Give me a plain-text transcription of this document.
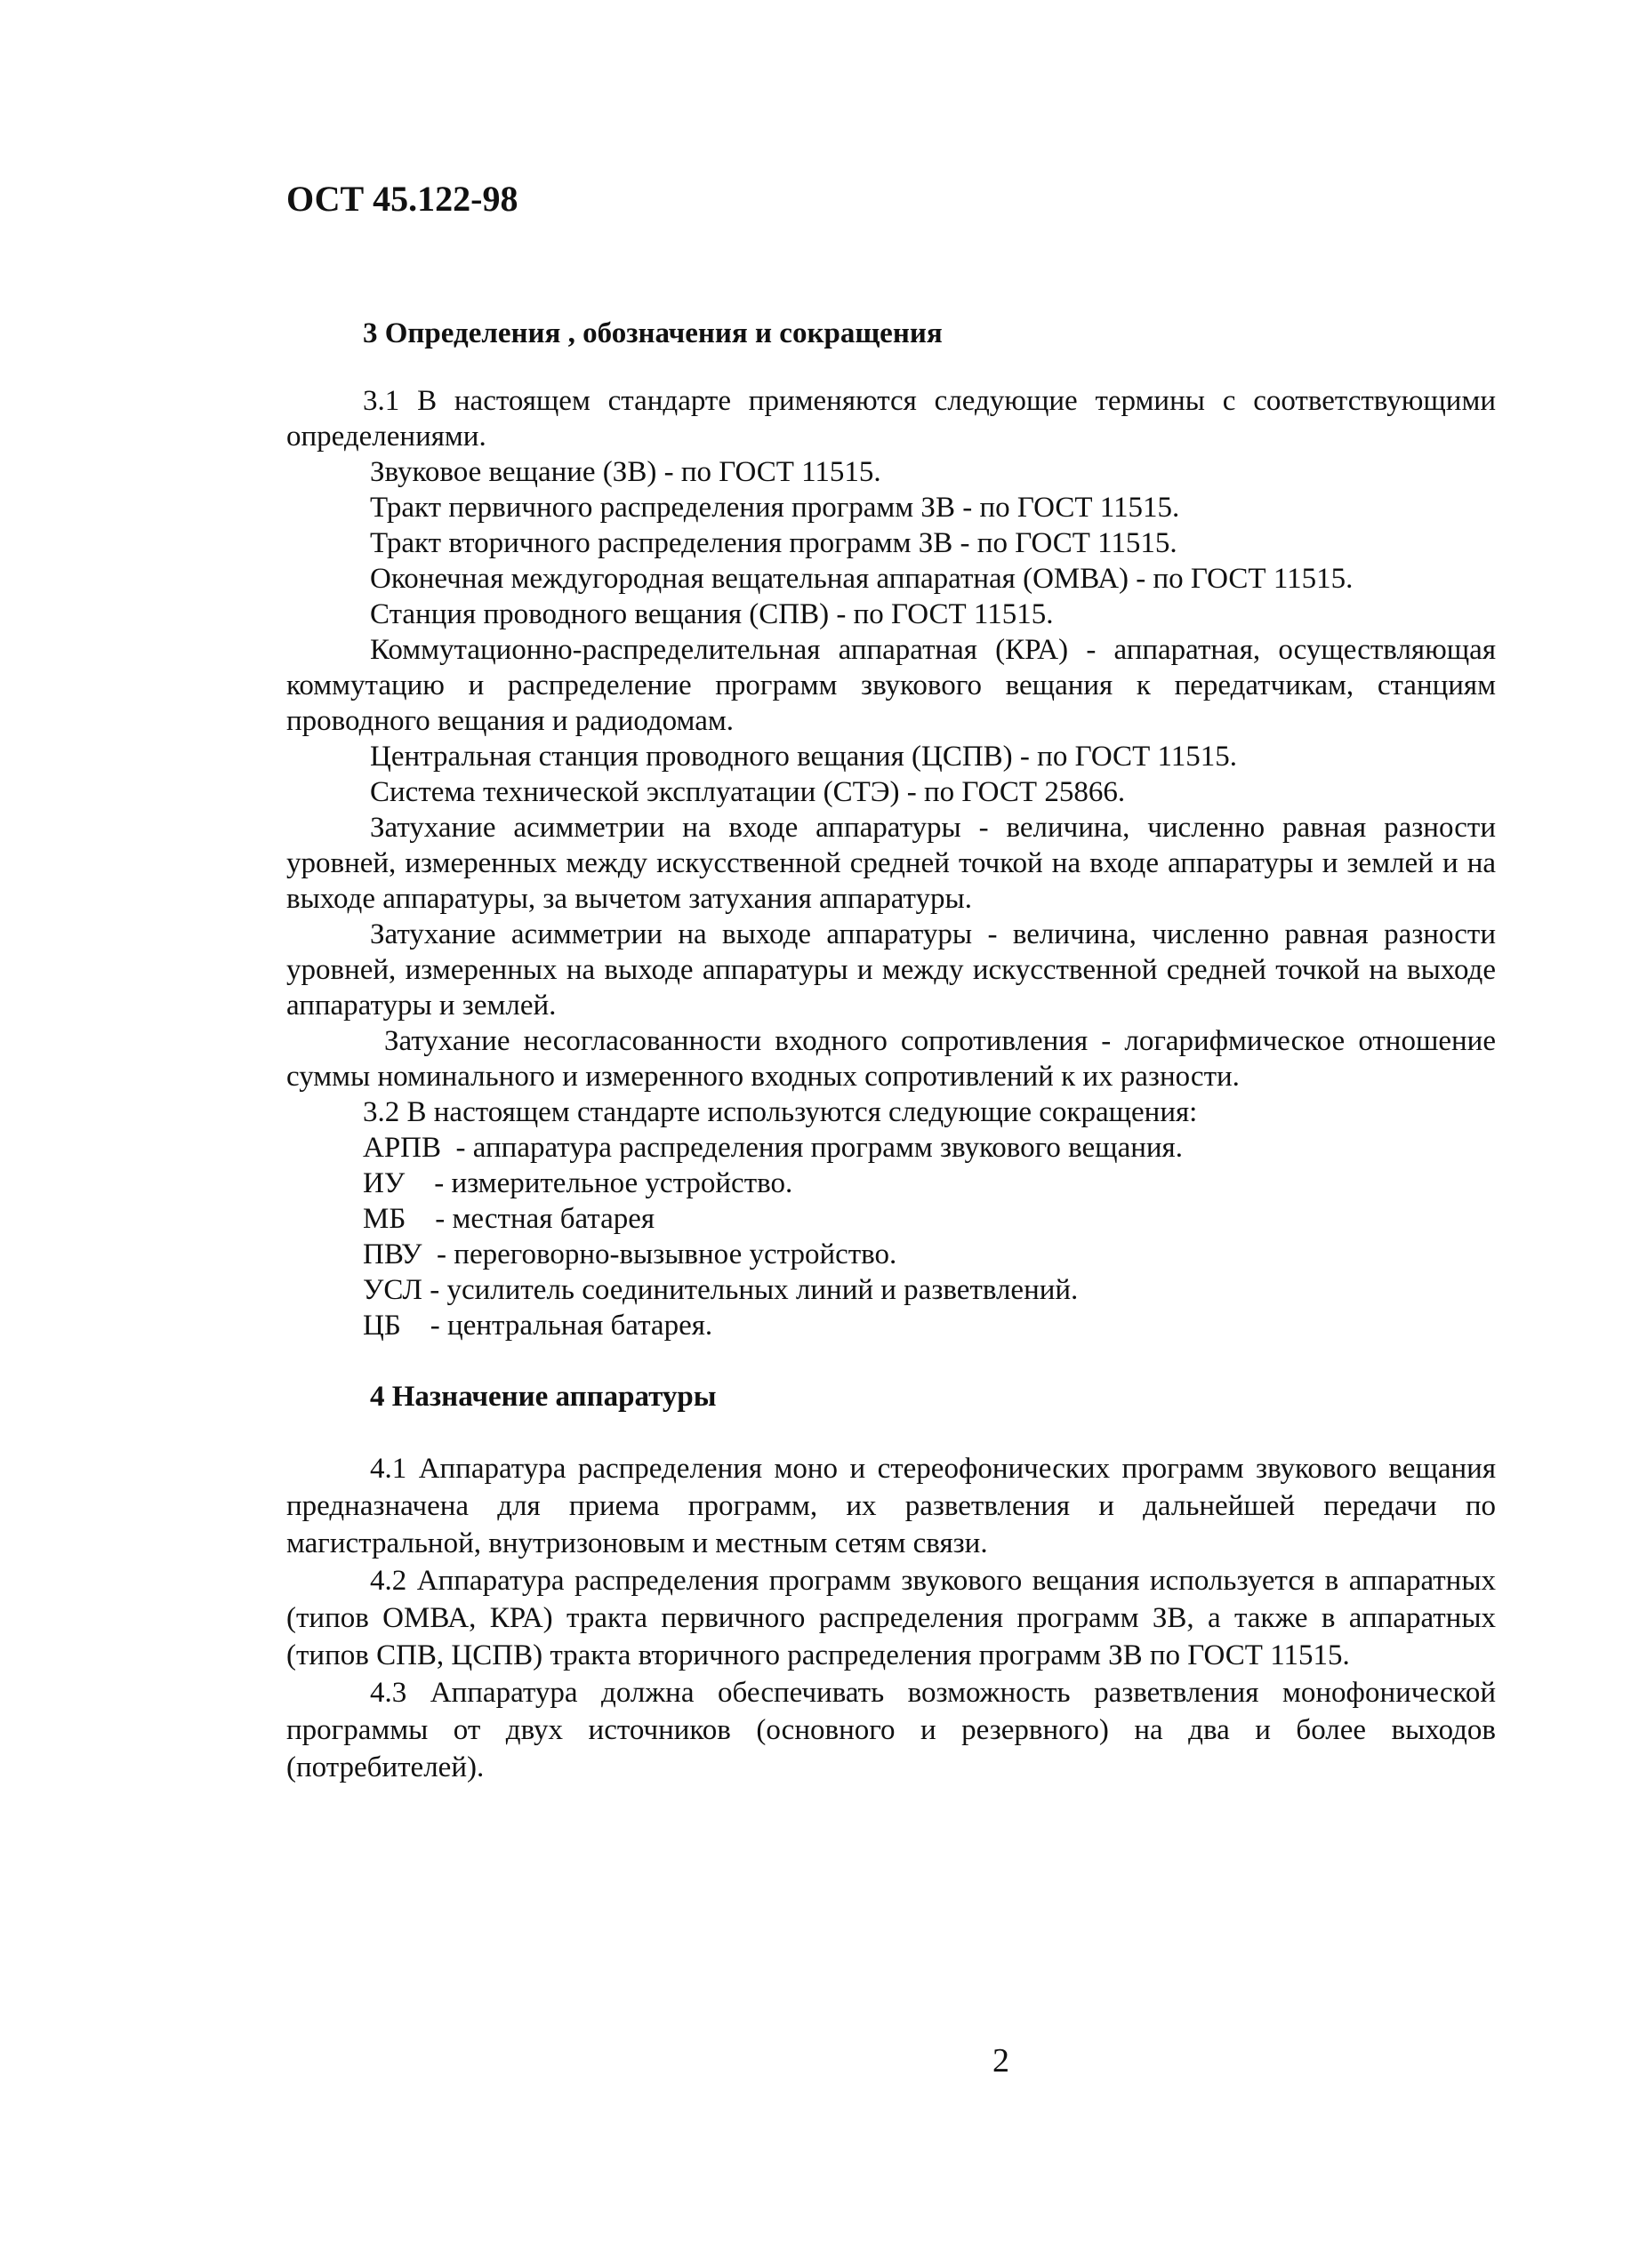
ОСТ 45.122-98
3 Определения , обозначения и сокращения

3.1 В настоящем стандарте применяются следующие термины с соответствующими определениями.

Звуковое вещание (ЗВ) - по ГОСТ 11515.

Тракт первичного распределения программ ЗВ - по ГОСТ 11515.

Тракт вторичного распределения программ ЗВ - по ГОСТ 11515.

Оконечная междугородная вещательная аппаратная (ОМВА) - по ГОСТ 11515.

Станция проводного вещания (СПВ) - по ГОСТ 11515.

Коммутационно-распределительная аппаратная (КРА) - аппаратная, осуществляющая коммутацию и распределение программ звукового вещания к передатчикам, станциям проводного вещания и радиодомам.

Центральная станция проводного вещания (ЦСПВ) - по ГОСТ 11515.

Система технической эксплуатации (СТЭ) - по ГОСТ 25866.

Затухание асимметрии на входе аппаратуры - величина, численно равная разности уровней, измеренных между искусственной средней точкой на входе аппаратуры и землей и на выходе аппаратуры, за вычетом затухания аппаратуры.

Затухание асимметрии на выходе аппаратуры - величина, численно равная разности уровней, измеренных на выходе аппаратуры и между искусственной средней точкой на выходе аппаратуры и землей.

Затухание несогласованности входного сопротивления - логарифмическое отношение суммы номинального и измеренного входных сопротивлений к их разности.

3.2 В настоящем стандарте используются следующие сокращения:

АРПВ - аппаратура распределения программ звукового вещания.

ИУ - измерительное устройство.

МБ - местная батарея

ПВУ - переговорно-вызывное устройство.

УСЛ - усилитель соединительных линий и разветвлений.

ЦБ - центральная батарея.

4 Назначение аппаратуры

4.1 Аппаратура распределения моно и стереофонических программ звукового вещания предназначена для приема программ, их разветвления и дальнейшей передачи по магистральной, внутризоновым и местным сетям связи.

4.2 Аппаратура распределения программ звукового вещания используется в аппаратных (типов ОМВА, КРА) тракта первичного распределения программ ЗВ, а также в аппаратных (типов СПВ, ЦСПВ) тракта вторичного распределения программ ЗВ по ГОСТ 11515.

4.3 Аппаратура должна обеспечивать возможность разветвления монофонической программы от двух источников (основного и резервного) на два и более выходов (потребителей).

2
